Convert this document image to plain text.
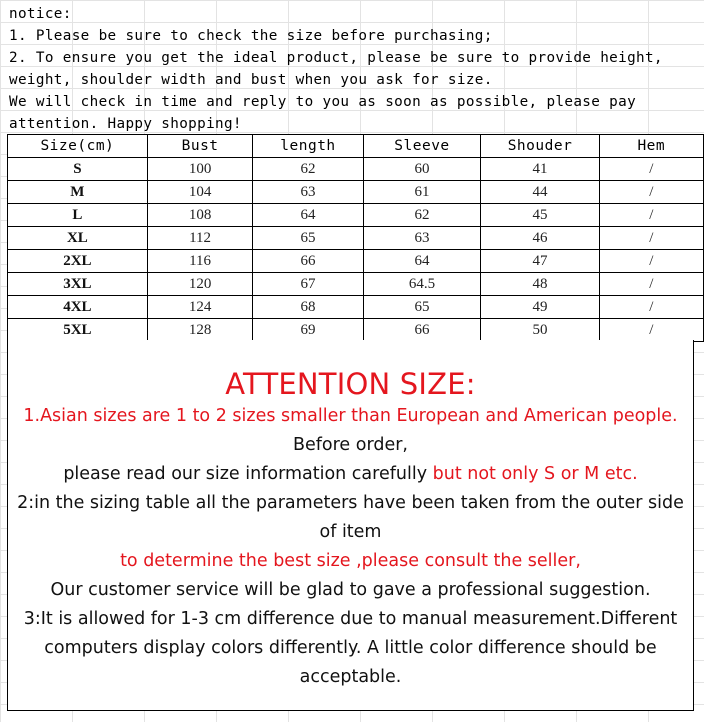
notice:
1. Please be sure to check the size before purchasing;
2. To ensure you get the ideal product, please be sure to provide height,
weight, shoulder width and bust when you ask for size.
We will check in time and reply to you as soon as possible, please pay
attention. Happy shopping!
Size(cm)	Bust	length	Sleeve	Shouder	Hem
S	100	62	60	41	/
M	104	63	61	44	/
L	108	64	62	45	/
XL	112	65	63	46	/
2XL	116	66	64	47	/
3XL	120	67	64.5	48	/
4XL	124	68	65	49	/
5XL	128	69	66	50	/
ATTENTION SIZE:
1.Asian sizes are 1 to 2 sizes smaller than European and American people.
Before order,
please read our size information carefully but not only S or M etc.
2:in the sizing table all the parameters have been taken from the outer side
of item
to determine the best size ,please consult the seller,
Our customer service will be glad to gave a professional suggestion.
3:It is allowed for 1-3 cm difference due to manual measurement.Different
computers display colors differently. A little color difference should be
acceptable.
